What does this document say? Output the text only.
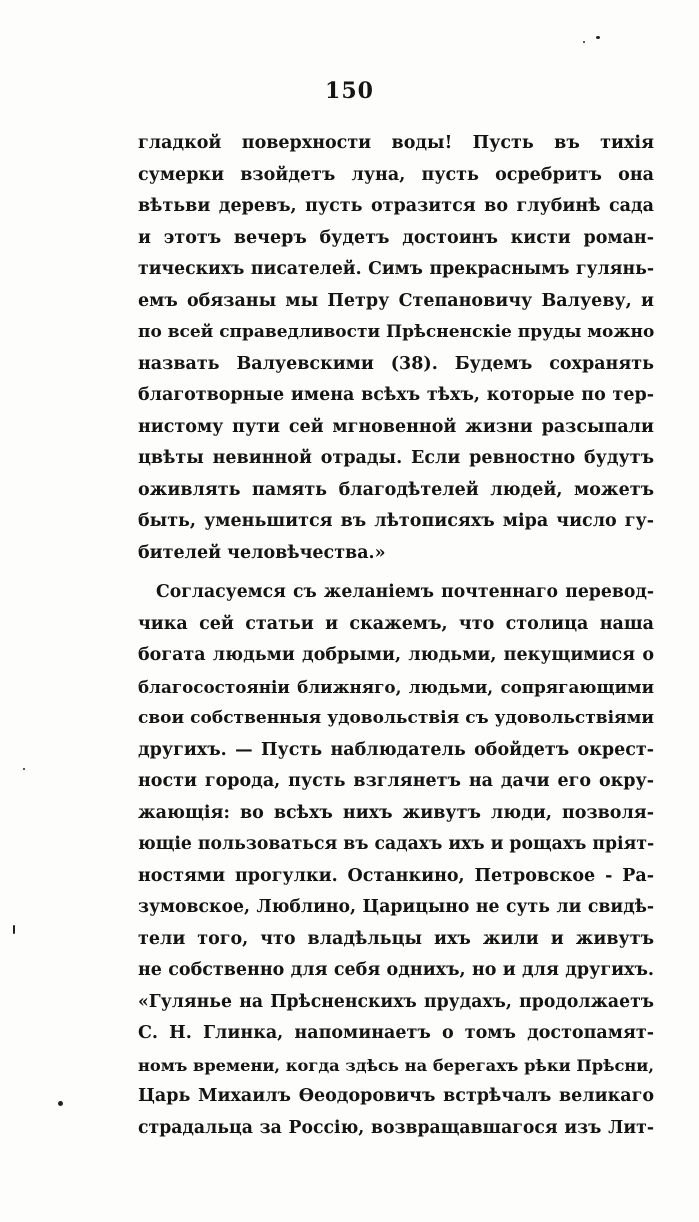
150
гладкой поверхности воды! Пусть въ тихія
сумерки взойдетъ луна, пусть осребритъ она
вѣтьви деревъ, пусть отразится во глубинѣ сада
и этотъ вечеръ будетъ достоинъ кисти роман-
тическихъ писателей. Симъ прекраснымъ гулянь-
емъ обязаны мы Петру Степановичу Валуеву, и
по всей справедливости Прѣсненскіе пруды можно
назвать Валуевскими (38). Будемъ сохранять
благотворные имена всѣхъ тѣхъ, которые по тер-
нистому пути сей мгновенной жизни разсыпали
цвѣты невинной отрады. Если ревностно будутъ
оживлять память благодѣтелей людей, можетъ
быть, уменьшится въ лѣтописяхъ міра число гу-
бителей человѣчества.»
Согласуемся съ желаніемъ почтеннаго перевод-
чика сей статьи и скажемъ, что столица наша
богата людьми добрыми, людьми, пекущимися о
благосостояніи ближняго, людьми, сопрягающими
свои собственныя удовольствія съ удовольствіями
другихъ. — Пусть наблюдатель обойдетъ окрест-
ности города, пусть взглянетъ на дачи его окру-
жающія: во всѣхъ нихъ живутъ люди, позволя-
ющіе пользоваться въ садахъ ихъ и рощахъ пріят-
ностями прогулки. Останкино, Петровское - Ра-
зумовское, Люблино, Царицыно не суть ли свидѣ-
тели того, что владѣльцы ихъ жили и живутъ
не собственно для себя однихъ, но и для другихъ.
«Гулянье на Прѣсненскихъ прудахъ, продолжаетъ
С. Н. Глинка, напоминаетъ о томъ достопамят-
номъ времени, когда здѣсь на берегахъ рѣки Прѣсни,
Царь Михаилъ Ѳеодоровичъ встрѣчалъ великаго
страдальца за Россію, возвращавшагося изъ Лит-
